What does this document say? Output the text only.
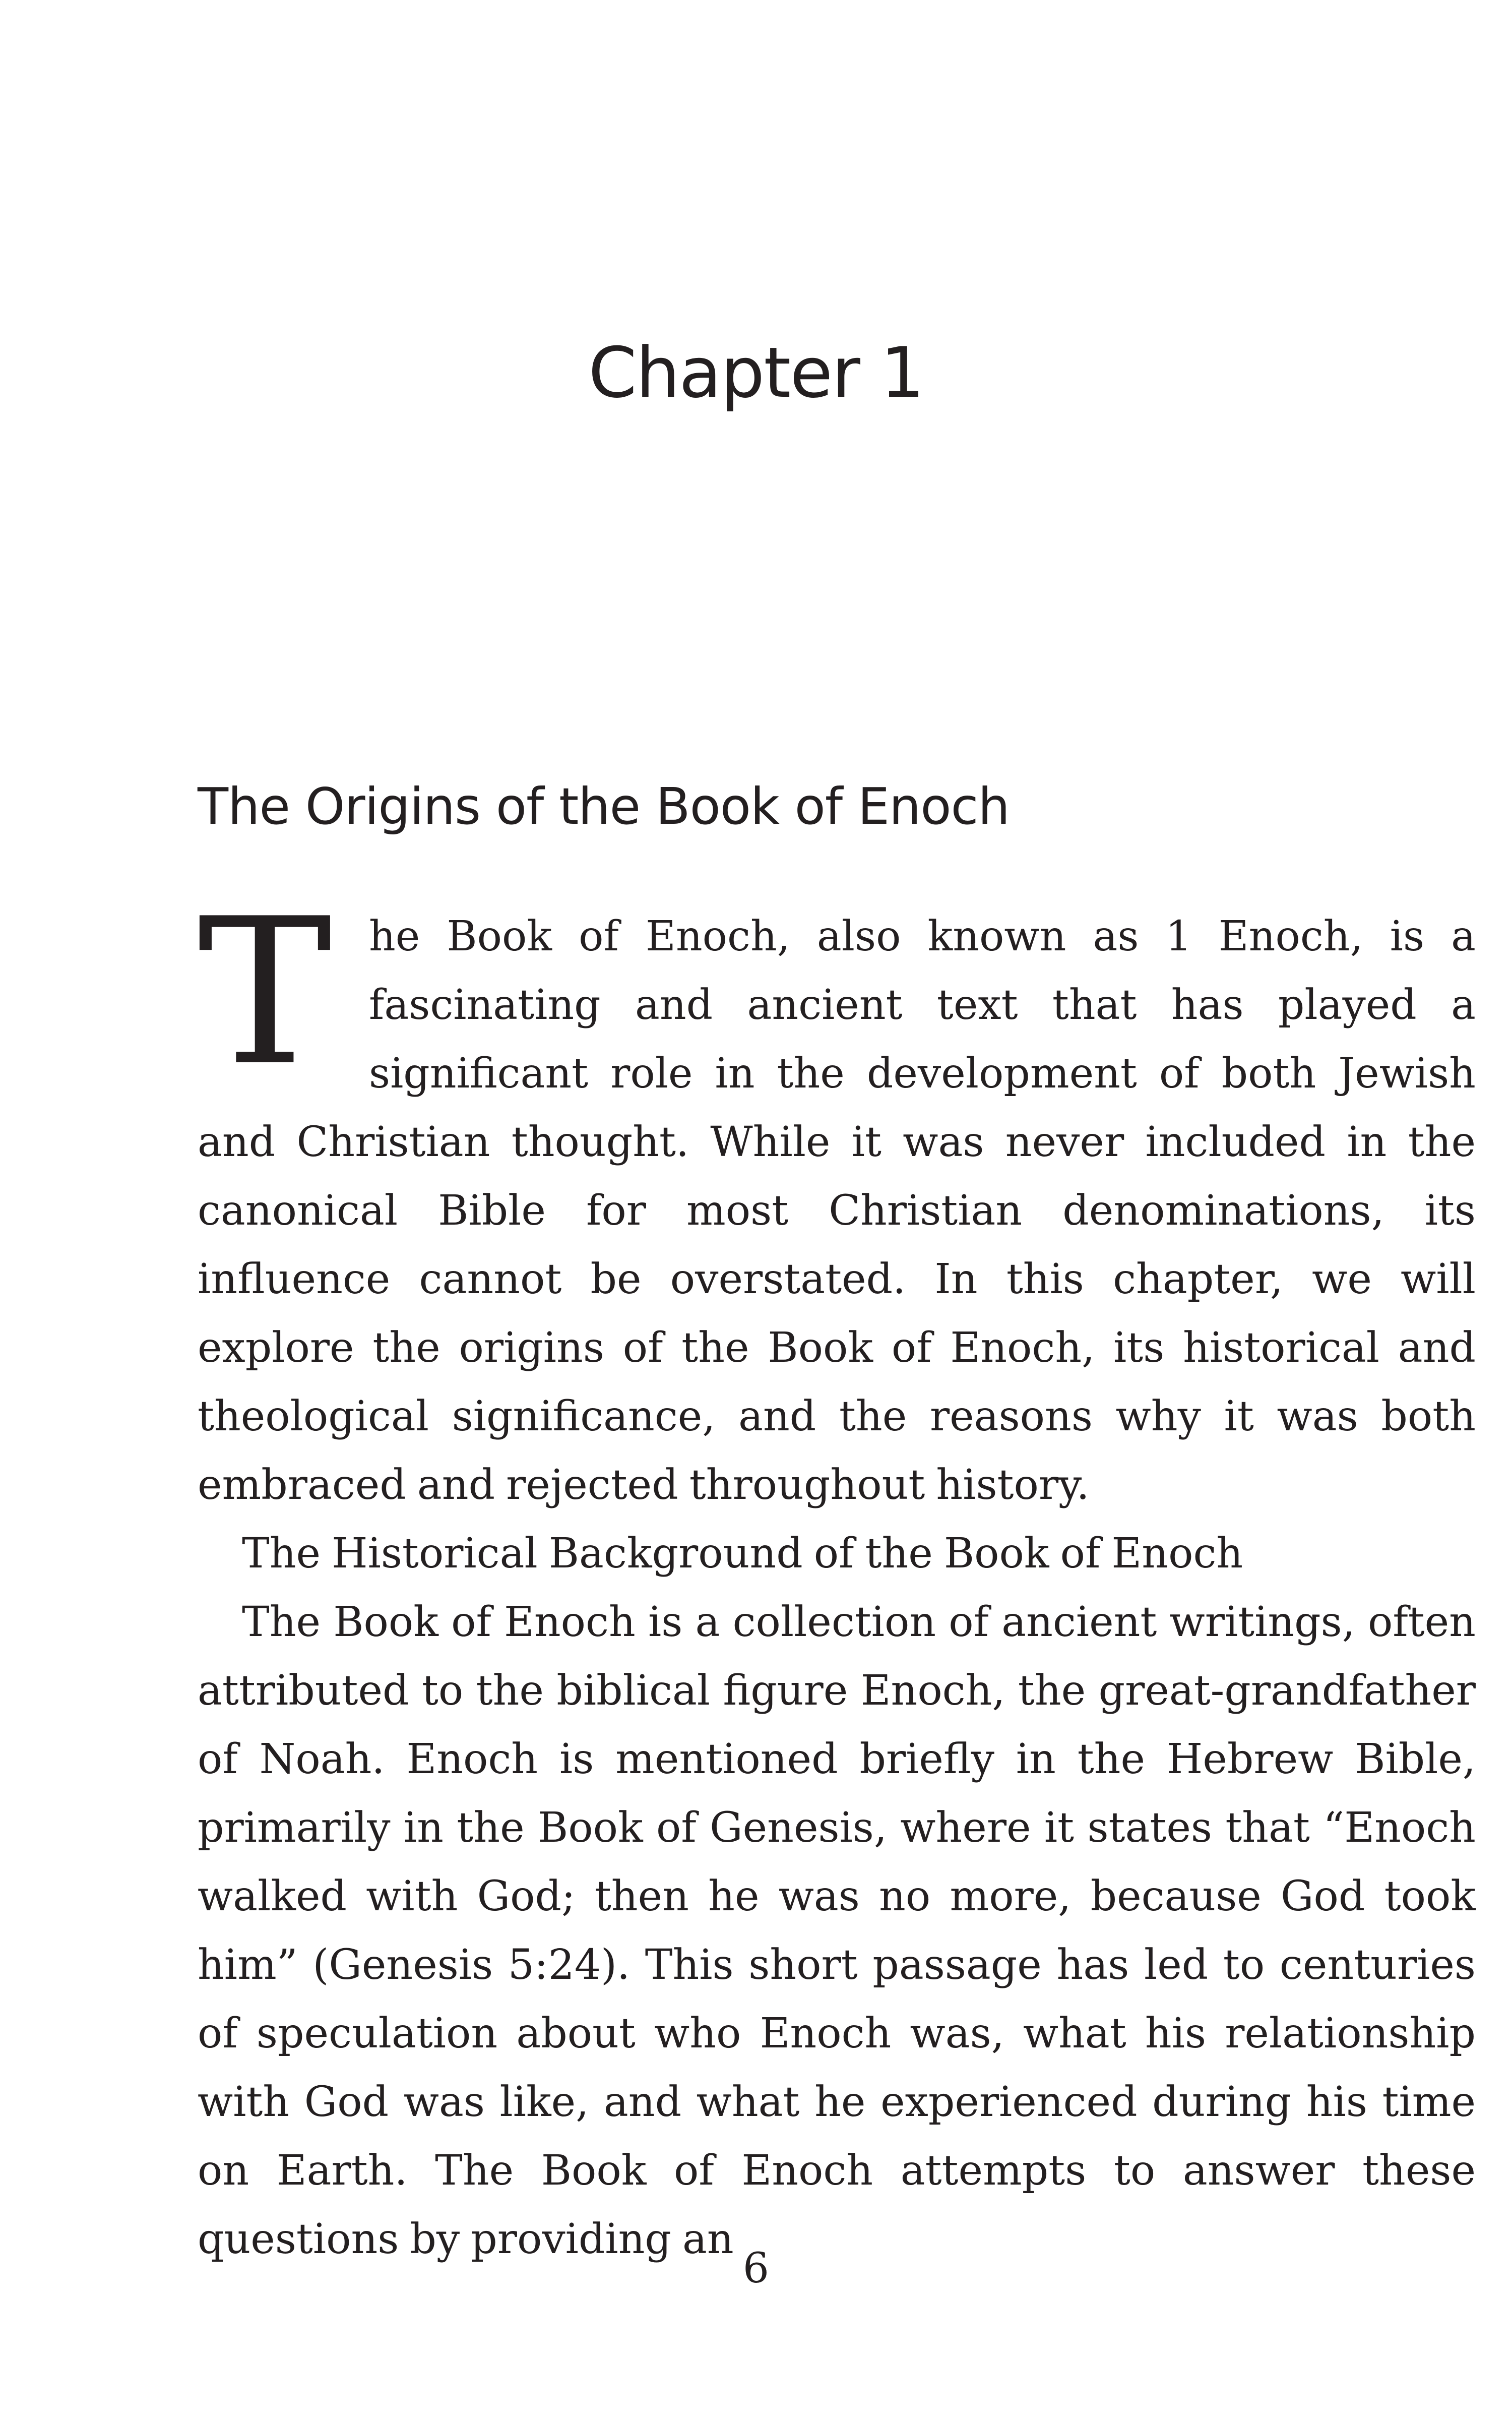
Chapter 1
The Origins of the Book of Enoch

The Book of Enoch, also known as 1 Enoch, is a fascinating and ancient text that has played a significant role in the development of both Jewish and Christian thought. While it was never included in the canonical Bible for most Christian denominations, its influence cannot be overstated. In this chapter, we will explore the origins of the Book of Enoch, its historical and theological significance, and the reasons why it was both embraced and rejected throughout history.

The Historical Background of the Book of Enoch

The Book of Enoch is a collection of ancient writings, often attributed to the biblical figure Enoch, the great-grandfather of Noah. Enoch is mentioned briefly in the Hebrew Bible, primarily in the Book of Genesis, where it states that “Enoch walked with God; then he was no more, because God took him” (Genesis 5:24). This short passage has led to centuries of speculation about who Enoch was, what his relationship with God was like, and what he experienced during his time on Earth. The Book of Enoch attempts to answer these questions by providing an

6
